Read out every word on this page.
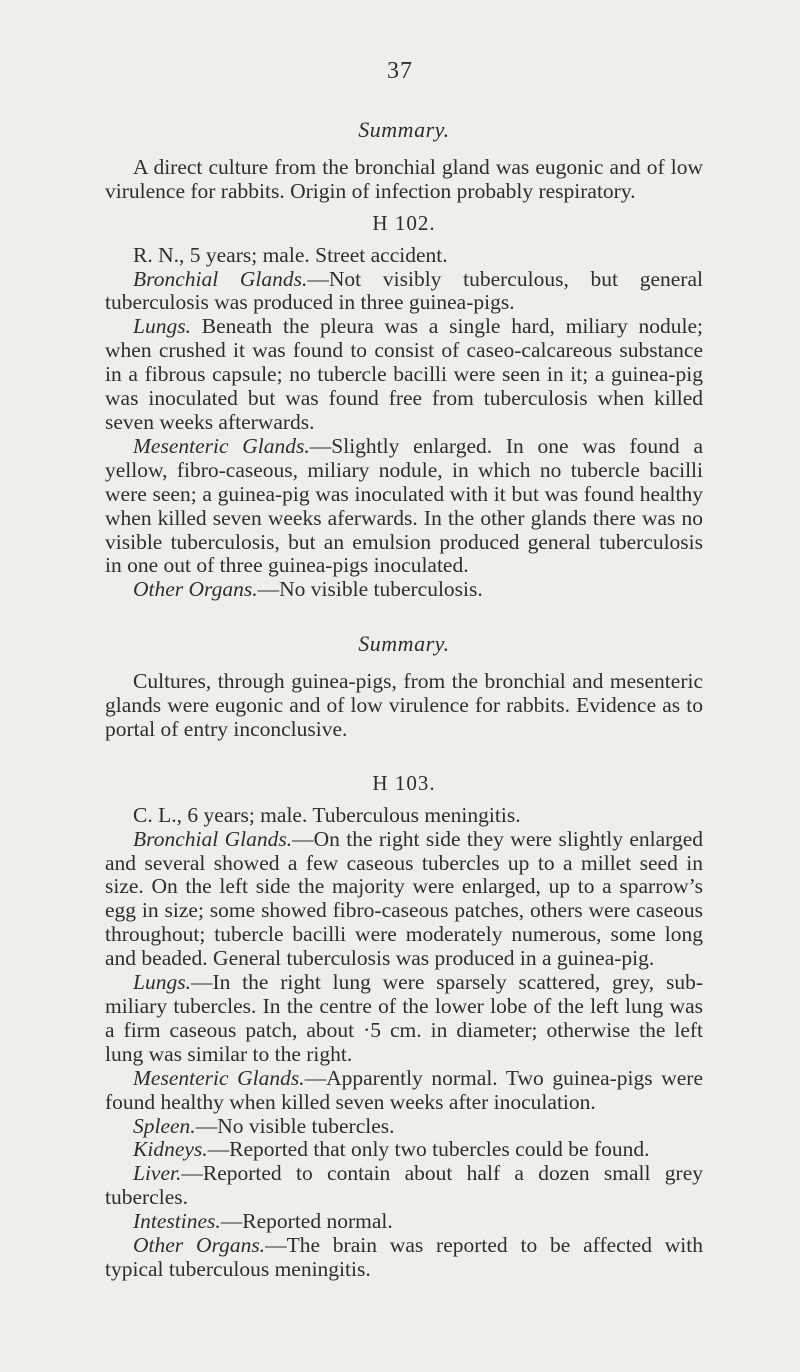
37

Summary.

A direct culture from the bronchial gland was eugonic and of low virulence for rabbits. Origin of infection probably respiratory.

H 102.

R. N., 5 years; male. Street accident.

Bronchial Glands.—Not visibly tuberculous, but general tuberculosis was produced in three guinea-pigs.

Lungs. Beneath the pleura was a single hard, miliary nodule; when crushed it was found to consist of caseo-calcareous substance in a fibrous capsule; no tubercle bacilli were seen in it; a guinea-pig was inoculated but was found free from tuberculosis when killed seven weeks afterwards.

Mesenteric Glands.—Slightly enlarged. In one was found a yellow, fibro-caseous, miliary nodule, in which no tubercle bacilli were seen; a guinea-pig was inoculated with it but was found healthy when killed seven weeks aferwards. In the other glands there was no visible tuberculosis, but an emulsion produced general tuberculosis in one out of three guinea-pigs inoculated.

Other Organs.—No visible tuberculosis.

Summary.

Cultures, through guinea-pigs, from the bronchial and mesenteric glands were eugonic and of low virulence for rabbits. Evidence as to portal of entry inconclusive.

H 103.

C. L., 6 years; male. Tuberculous meningitis.

Bronchial Glands.—On the right side they were slightly enlarged and several showed a few caseous tubercles up to a millet seed in size. On the left side the majority were enlarged, up to a sparrow’s egg in size; some showed fibro-caseous patches, others were caseous throughout; tubercle bacilli were moderately numerous, some long and beaded. General tuberculosis was produced in a guinea-pig.

Lungs.—In the right lung were sparsely scattered, grey, sub-miliary tubercles. In the centre of the lower lobe of the left lung was a firm caseous patch, about ·5 cm. in diameter; otherwise the left lung was similar to the right.

Mesenteric Glands.—Apparently normal. Two guinea-pigs were found healthy when killed seven weeks after inoculation.

Spleen.—No visible tubercles.

Kidneys.—Reported that only two tubercles could be found.

Liver.—Reported to contain about half a dozen small grey tubercles.

Intestines.—Reported normal.

Other Organs.—The brain was reported to be affected with typical tuberculous meningitis.
